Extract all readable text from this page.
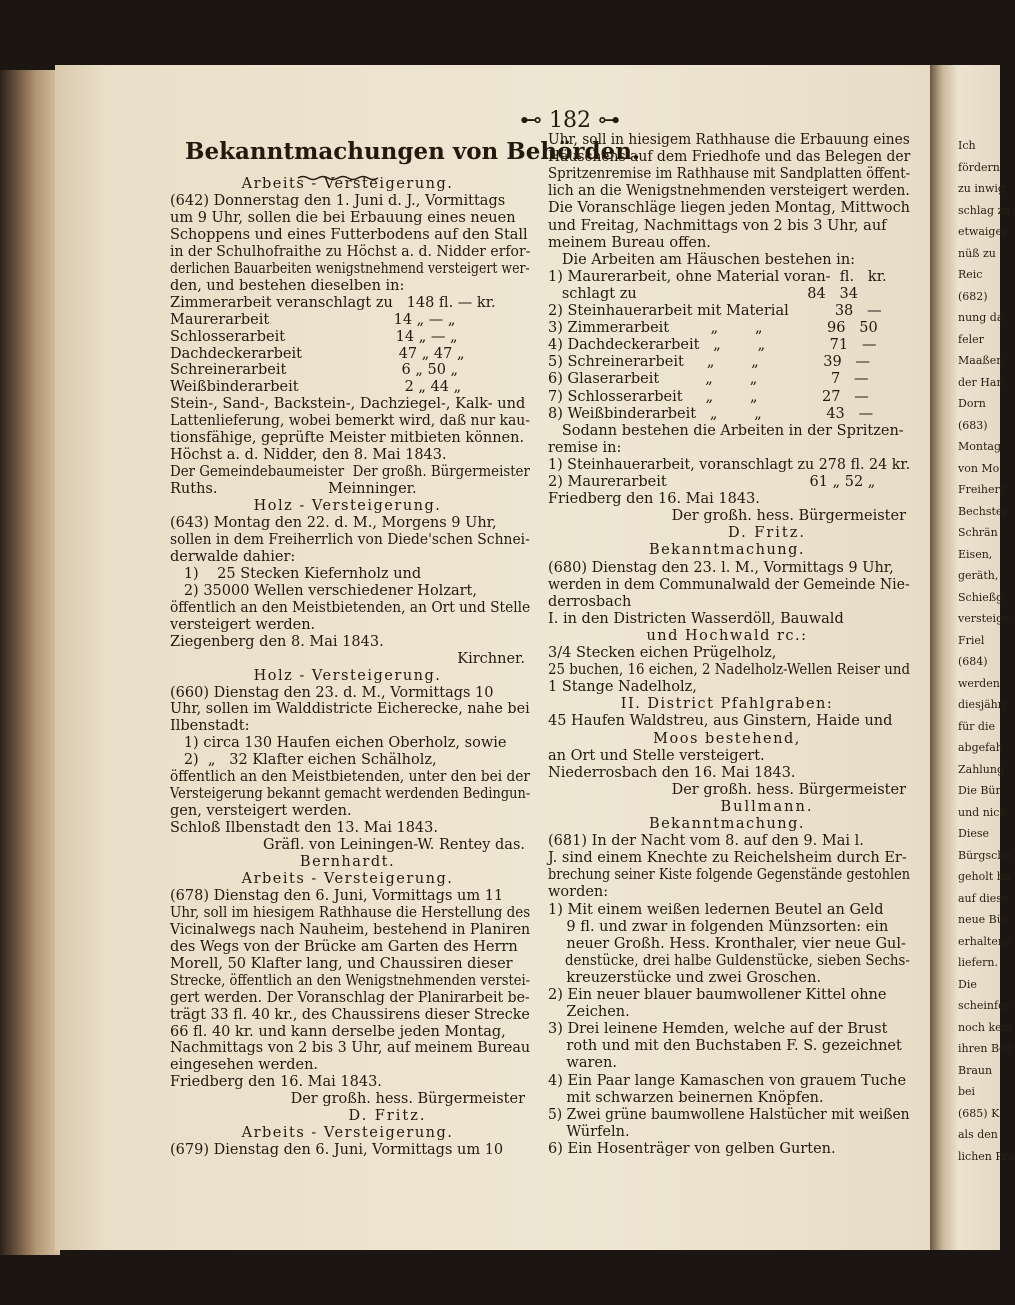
Ich
fördern
zu inwig
schlag zu
etwaiger
nüß zu
Reic
(682)
nung da
feler
Maaßen
der Han
Dorn
(683)
Montag
von Mo
Freiherr
Bechstei
Schrän
Eisen,
geräth,
Schießg
versteige
Friel
(684)
werden
diesjähri
für die
abgefah
Zahlung
Die Bür
und nich
Diese
Bürgsche
geholt ha
auf diese
neue Bür
erhaltene
liefern.
Die
scheinfor
noch kein
ihren Bed
Braun
bei
(685) K
als den
lichen Prü
⊷ 182 ⊶
Bekanntmachungen von Behörden.
Arbeits - Versteigerung.
(642) Donnerstag den 1. Juni d. J., Vormittags
um 9 Uhr, sollen die bei Erbauung eines neuen
Schoppens und eines Futterbodens auf den Stall
in der Schulhofraithe zu Höchst a. d. Nidder erfor-
derlichen Bauarbeiten wenigstnehmend versteigert wer-
den, und bestehen dieselben in:
Zimmerarbeit veranschlagt zu   148 fl. — kr.
Maurerarbeit                           14 „ — „
Schlosserarbeit                        14 „ — „
Dachdeckerarbeit                     47 „ 47 „
Schreinerarbeit                         6 „ 50 „
Weißbinderarbeit                       2 „ 44 „
Stein-, Sand-, Backstein-, Dachziegel-, Kalk- und
Lattenlieferung, wobei bemerkt wird, daß nur kau-
tionsfähige, geprüfte Meister mitbieten können.
Höchst a. d. Nidder, den 8. Mai 1843.
Der Gemeindebaumeister  Der großh. Bürgermeister
Ruths.                        Meinninger.
Holz - Versteigerung.
(643) Montag den 22. d. M., Morgens 9 Uhr,
sollen in dem Freiherrlich von Diede'schen Schnei-
derwalde dahier:
1)    25 Stecken Kiefernholz und
2) 35000 Wellen verschiedener Holzart,
öffentlich an den Meistbietenden, an Ort und Stelle
versteigert werden.
Ziegenberg den 8. Mai 1843.
Kirchner.
Holz - Versteigerung.
(660) Dienstag den 23. d. M., Vormittags 10
Uhr, sollen im Walddistricte Eicherecke, nahe bei
Ilbenstadt:
1) circa 130 Haufen eichen Oberholz, sowie
2)  „   32 Klafter eichen Schälholz,
öffentlich an den Meistbietenden, unter den bei der
Versteigerung bekannt gemacht werdenden Bedingun-
gen, versteigert werden.
Schloß Ilbenstadt den 13. Mai 1843.
Gräfl. von Leiningen-W. Rentey das.
Bernhardt.
Arbeits - Versteigerung.
(678) Dienstag den 6. Juni, Vormittags um 11
Uhr, soll im hiesigem Rathhause die Herstellung des
Vicinalwegs nach Nauheim, bestehend in Planiren
des Wegs von der Brücke am Garten des Herrn
Morell, 50 Klafter lang, und Chaussiren dieser
Strecke, öffentlich an den Wenigstnehmenden verstei-
gert werden. Der Voranschlag der Planirarbeit be-
trägt 33 fl. 40 kr., des Chaussirens dieser Strecke
66 fl. 40 kr. und kann derselbe jeden Montag,
Nachmittags von 2 bis 3 Uhr, auf meinem Bureau
eingesehen werden.
Friedberg den 16. Mai 1843.
Der großh. hess. Bürgermeister
D. Fritz.
Arbeits - Versteigerung.
(679) Dienstag den 6. Juni, Vormittags um 10
Uhr, soll in hiesigem Rathhause die Erbauung eines
Häuschens auf dem Friedhofe und das Belegen der
Spritzenremise im Rathhause mit Sandplatten öffent-
lich an die Wenigstnehmenden versteigert werden.
Die Voranschläge liegen jeden Montag, Mittwoch
und Freitag, Nachmittags von 2 bis 3 Uhr, auf
meinem Bureau offen.
Die Arbeiten am Häuschen bestehen in:
1) Maurerarbeit, ohne Material voran-  fl.   kr.
schlagt zu                                     84   34
2) Steinhauerarbeit mit Material          38   —
3) Zimmerarbeit         „        „              96   50
4) Dachdeckerarbeit   „        „              71   —
5) Schreinerarbeit     „        „              39   —
6) Glaserarbeit          „        „                7   —
7) Schlosserarbeit     „        „              27   —
8) Weißbinderarbeit   „        „              43   —
Sodann bestehen die Arbeiten in der Spritzen-
remise in:
1) Steinhauerarbeit, voranschlagt zu 278 fl. 24 kr.
2) Maurerarbeit                               61 „ 52 „
Friedberg den 16. Mai 1843.
Der großh. hess. Bürgermeister
D. Fritz.
Bekanntmachung.
(680) Dienstag den 23. l. M., Vormittags 9 Uhr,
werden in dem Communalwald der Gemeinde Nie-
derrosbach
I. in den Districten Wasserdöll, Bauwald
und Hochwald rc.:
3/4 Stecken eichen Prügelholz,
25 buchen, 16 eichen, 2 Nadelholz-Wellen Reiser und
1 Stange Nadelholz,
II. District Pfahlgraben:
45 Haufen Waldstreu, aus Ginstern, Haide und
Moos bestehend,
an Ort und Stelle versteigert.
Niederrosbach den 16. Mai 1843.
Der großh. hess. Bürgermeister
Bullmann.
Bekanntmachung.
(681) In der Nacht vom 8. auf den 9. Mai l.
J. sind einem Knechte zu Reichelsheim durch Er-
brechung seiner Kiste folgende Gegenstände gestohlen
worden:
1) Mit einem weißen ledernen Beutel an Geld
9 fl. und zwar in folgenden Münzsorten: ein
neuer Großh. Hess. Kronthaler, vier neue Gul-
denstücke, drei halbe Guldenstücke, sieben Sechs-
kreuzerstücke und zwei Groschen.
2) Ein neuer blauer baumwollener Kittel ohne
Zeichen.
3) Drei leinene Hemden, welche auf der Brust
roth und mit den Buchstaben F. S. gezeichnet
waren.
4) Ein Paar lange Kamaschen von grauem Tuche
mit schwarzen beinernen Knöpfen.
5) Zwei grüne baumwollene Halstücher mit weißen
Würfeln.
6) Ein Hosenträger von gelben Gurten.
